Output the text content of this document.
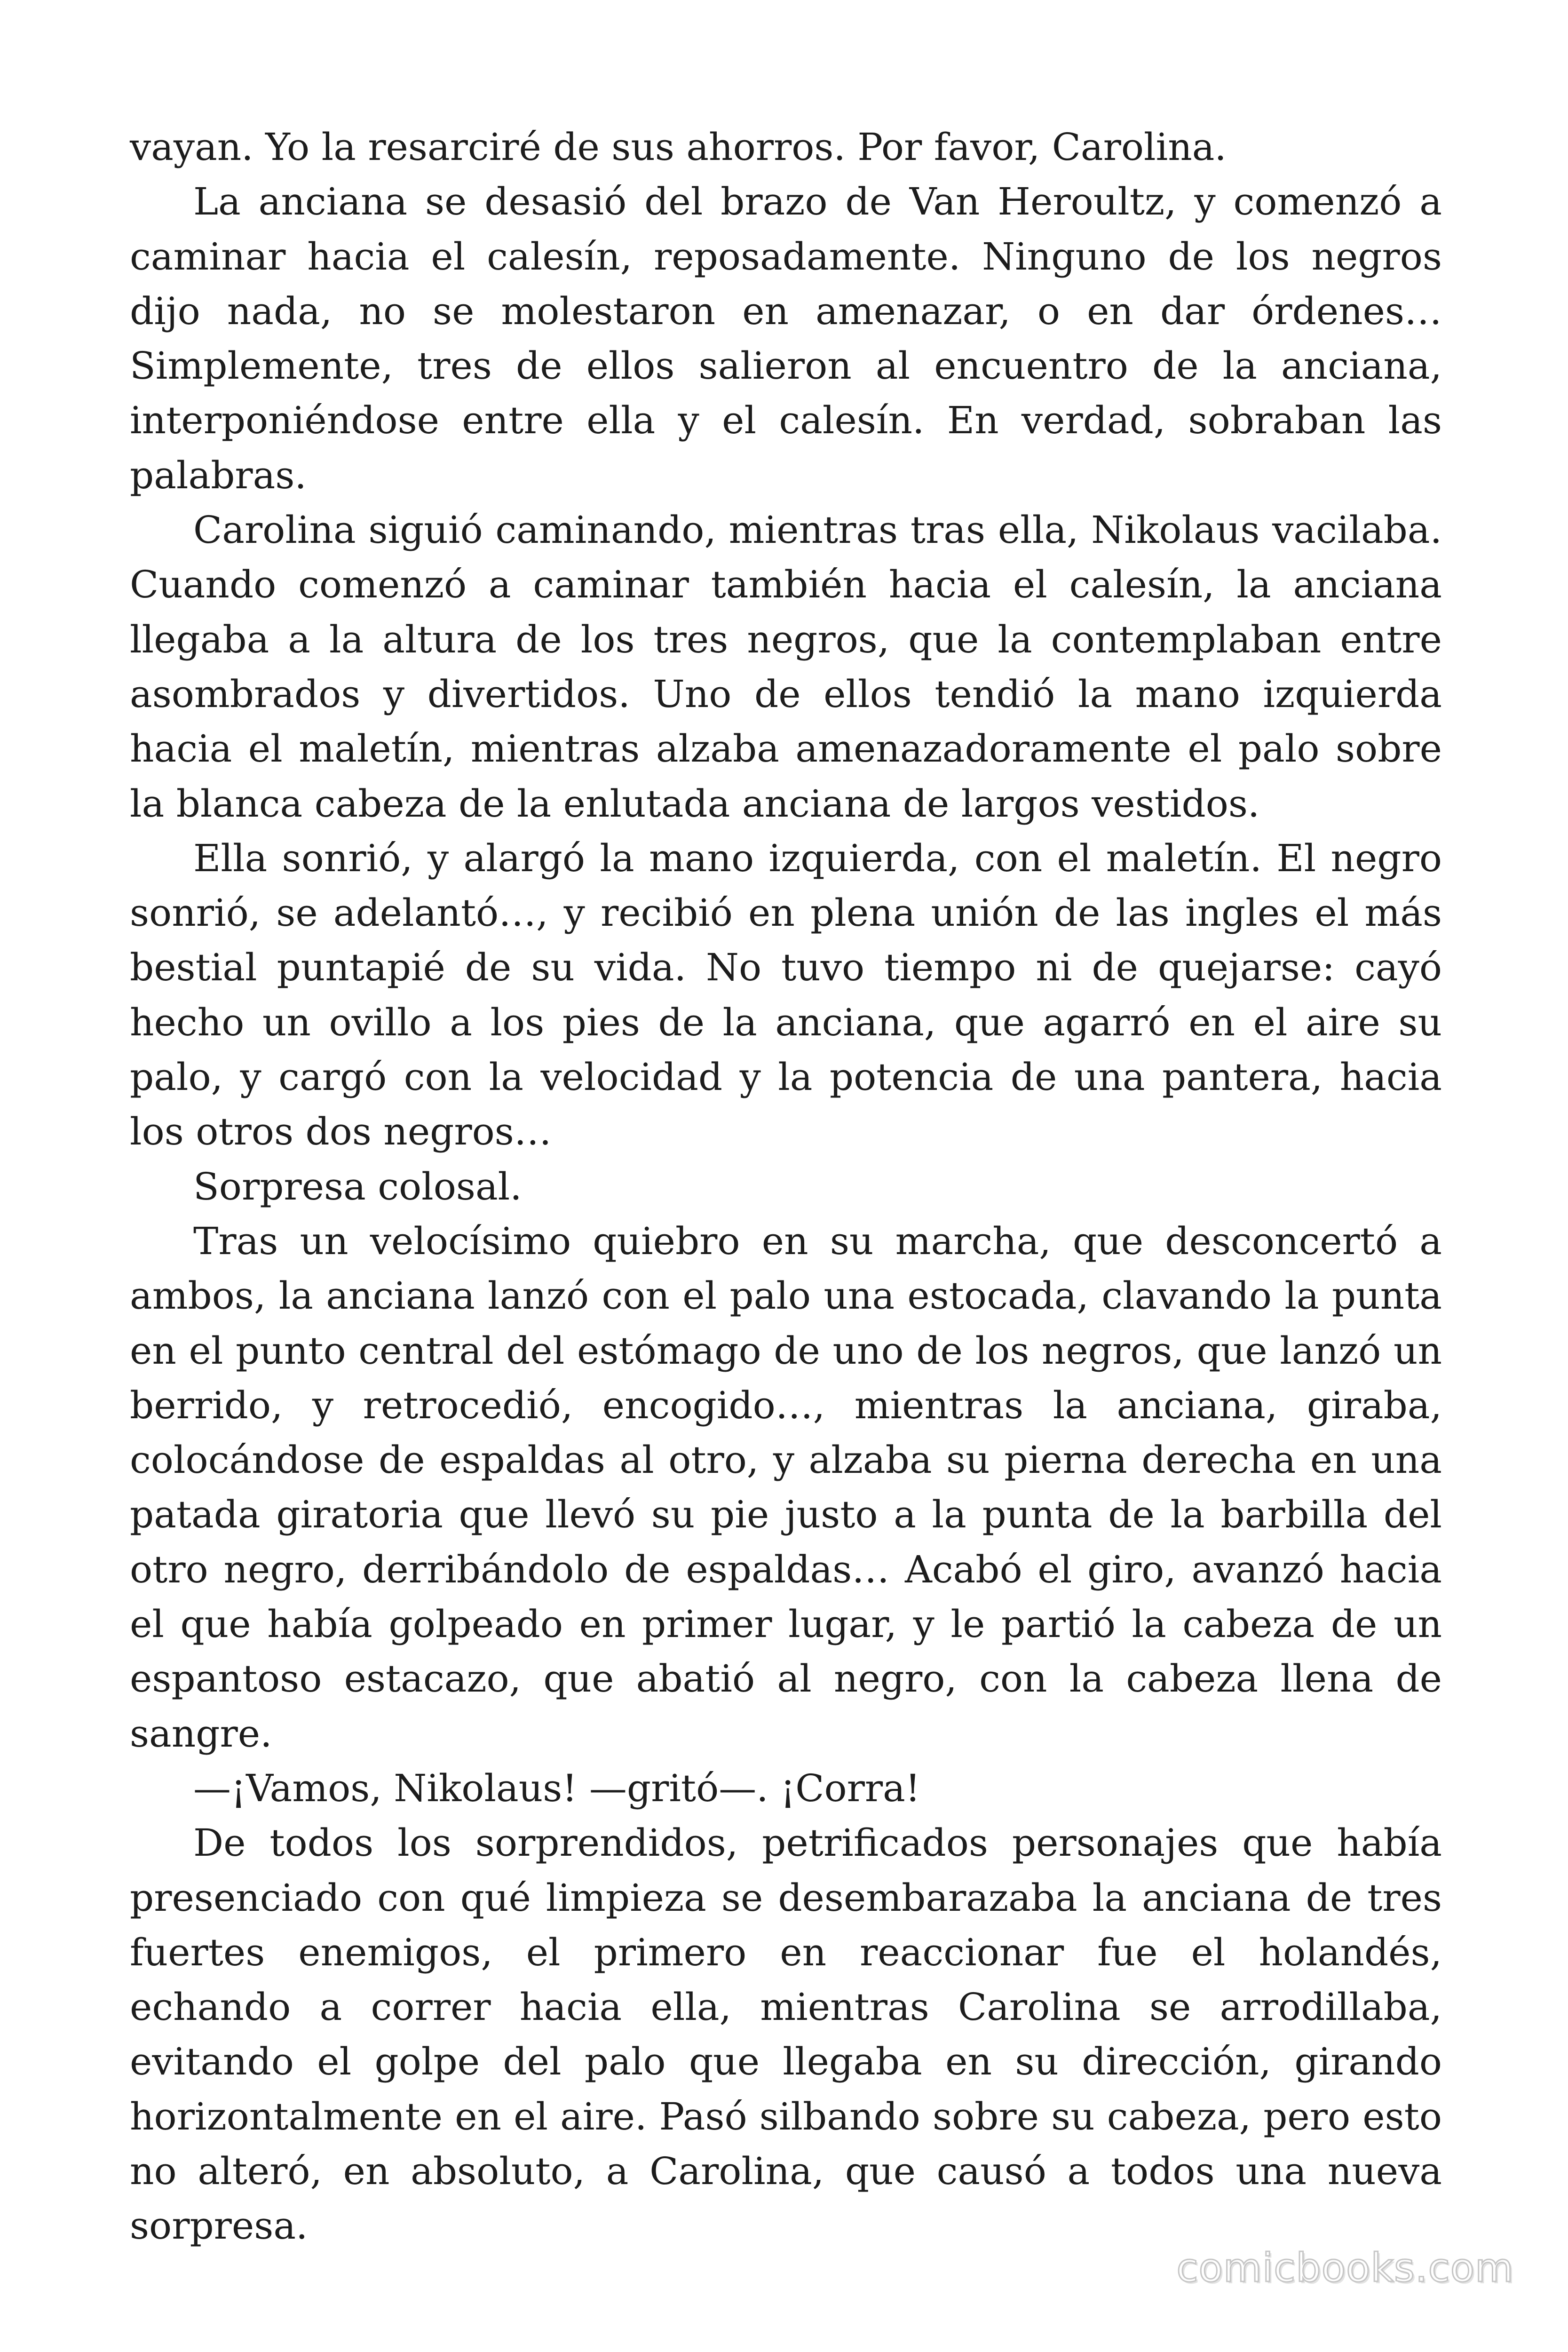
vayan. Yo la resarciré de sus ahorros. Por favor, Carolina.

La anciana se desasió del brazo de Van Heroultz, y comenzó a caminar hacia el calesín, reposadamente. Ninguno de los negros dijo nada, no se molestaron en amenazar, o en dar órdenes… Simplemente, tres de ellos salieron al encuentro de la anciana, interponiéndose entre ella y el calesín. En verdad, sobraban las palabras.

Carolina siguió caminando, mientras tras ella, Nikolaus vacilaba. Cuando comenzó a caminar también hacia el calesín, la anciana llegaba a la altura de los tres negros, que la contemplaban entre asombrados y divertidos. Uno de ellos tendió la mano izquierda hacia el maletín, mientras alzaba amenazadoramente el palo sobre la blanca cabeza de la enlutada anciana de largos vestidos.

Ella sonrió, y alargó la mano izquierda, con el maletín. El negro sonrió, se adelantó…, y recibió en plena unión de las ingles el más bestial puntapié de su vida. No tuvo tiempo ni de quejarse: cayó hecho un ovillo a los pies de la anciana, que agarró en el aire su palo, y cargó con la velocidad y la potencia de una pantera, hacia los otros dos negros…

Sorpresa colosal.

Tras un velocísimo quiebro en su marcha, que desconcertó a ambos, la anciana lanzó con el palo una estocada, clavando la punta en el punto central del estómago de uno de los negros, que lanzó un berrido, y retrocedió, encogido…, mientras la anciana, giraba, colocándose de espaldas al otro, y alzaba su pierna derecha en una patada giratoria que llevó su pie justo a la punta de la barbilla del otro negro, derribándolo de espaldas… Acabó el giro, avanzó hacia el que había golpeado en primer lugar, y le partió la cabeza de un espantoso estacazo, que abatió al negro, con la cabeza llena de sangre.

—¡Vamos, Nikolaus! —gritó—. ¡Corra!

De todos los sorprendidos, petrificados personajes que había presenciado con qué limpieza se desembarazaba la anciana de tres fuertes enemigos, el primero en reaccionar fue el holandés, echando a correr hacia ella, mientras Carolina se arrodillaba, evitando el golpe del palo que llegaba en su dirección, girando horizontalmente en el aire. Pasó silbando sobre su cabeza, pero esto no alteró, en absoluto, a Carolina, que causó a todos una nueva sorpresa.

comicbooks.com
